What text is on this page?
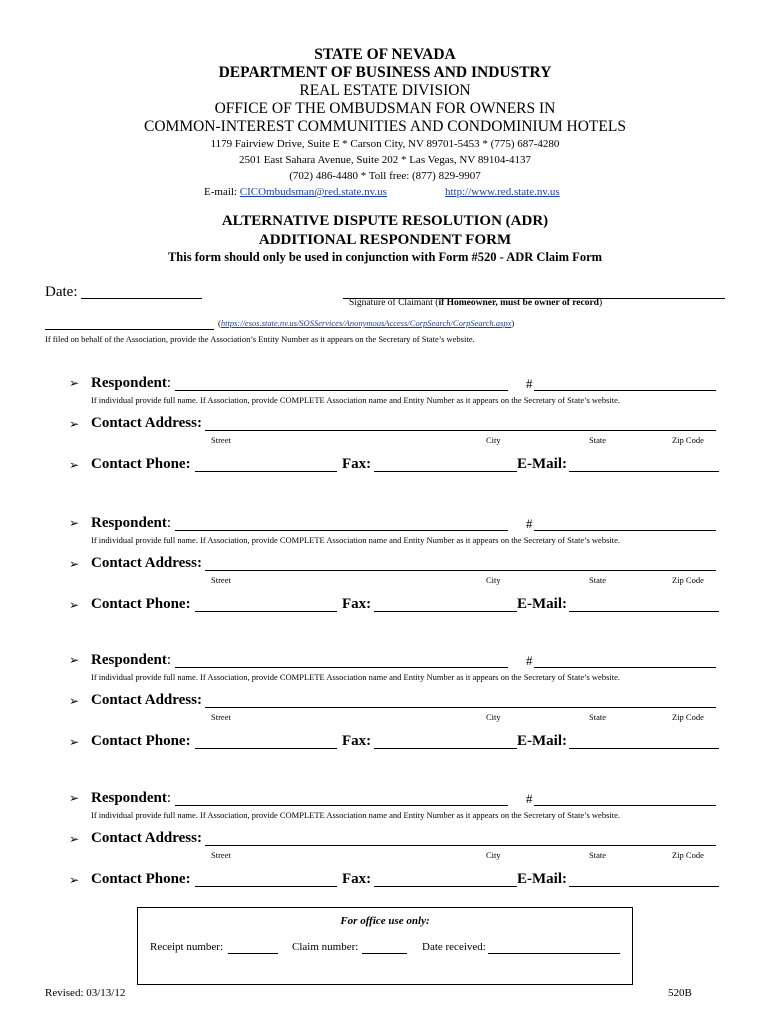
STATE OF NEVADA
DEPARTMENT OF BUSINESS AND INDUSTRY
REAL ESTATE DIVISION
OFFICE OF THE OMBUDSMAN FOR OWNERS IN
COMMON-INTEREST COMMUNITIES AND CONDOMINIUM HOTELS
1179 Fairview Drive, Suite E * Carson City, NV 89701-5453 * (775) 687-4280
2501 East Sahara Avenue, Suite 202 * Las Vegas, NV 89104-4137
(702) 486-4480 * Toll free: (877) 829-9907
E-mail: CICOmbudsman@red.state.nv.us	http://www.red.state.nv.us
ALTERNATIVE DISPUTE RESOLUTION (ADR)
ADDITIONAL RESPONDENT FORM
This form should only be used in conjunction with Form #520 - ADR Claim Form
Date:
Signature of Claimant (if Homeowner, must be owner of record)
(https://esos.state.nv.us/SOSServices/AnonymousAccess/CorpSearch/CorpSearch.aspx)
If filed on behalf of the Association, provide the Association’s Entity Number as it appears on the Secretary of State’s website.
➢ Respondent:	#
If individual provide full name. If Association, provide COMPLETE Association name and Entity Number as it appears on the Secretary of State’s website.
➢ Contact Address:
Street	City	State	Zip Code
➢ Contact Phone:	Fax:	E-Mail:
➢ Respondent:	#
If individual provide full name. If Association, provide COMPLETE Association name and Entity Number as it appears on the Secretary of State’s website.
➢ Contact Address:
Street	City	State	Zip Code
➢ Contact Phone:	Fax:	E-Mail:
➢ Respondent:	#
If individual provide full name. If Association, provide COMPLETE Association name and Entity Number as it appears on the Secretary of State’s website.
➢ Contact Address:
Street	City	State	Zip Code
➢ Contact Phone:	Fax:	E-Mail:
➢ Respondent:	#
If individual provide full name. If Association, provide COMPLETE Association name and Entity Number as it appears on the Secretary of State’s website.
➢ Contact Address:
Street	City	State	Zip Code
➢ Contact Phone:	Fax:	E-Mail:
For office use only:
Receipt number:	Claim number:	Date received:
Revised: 03/13/12	520B
